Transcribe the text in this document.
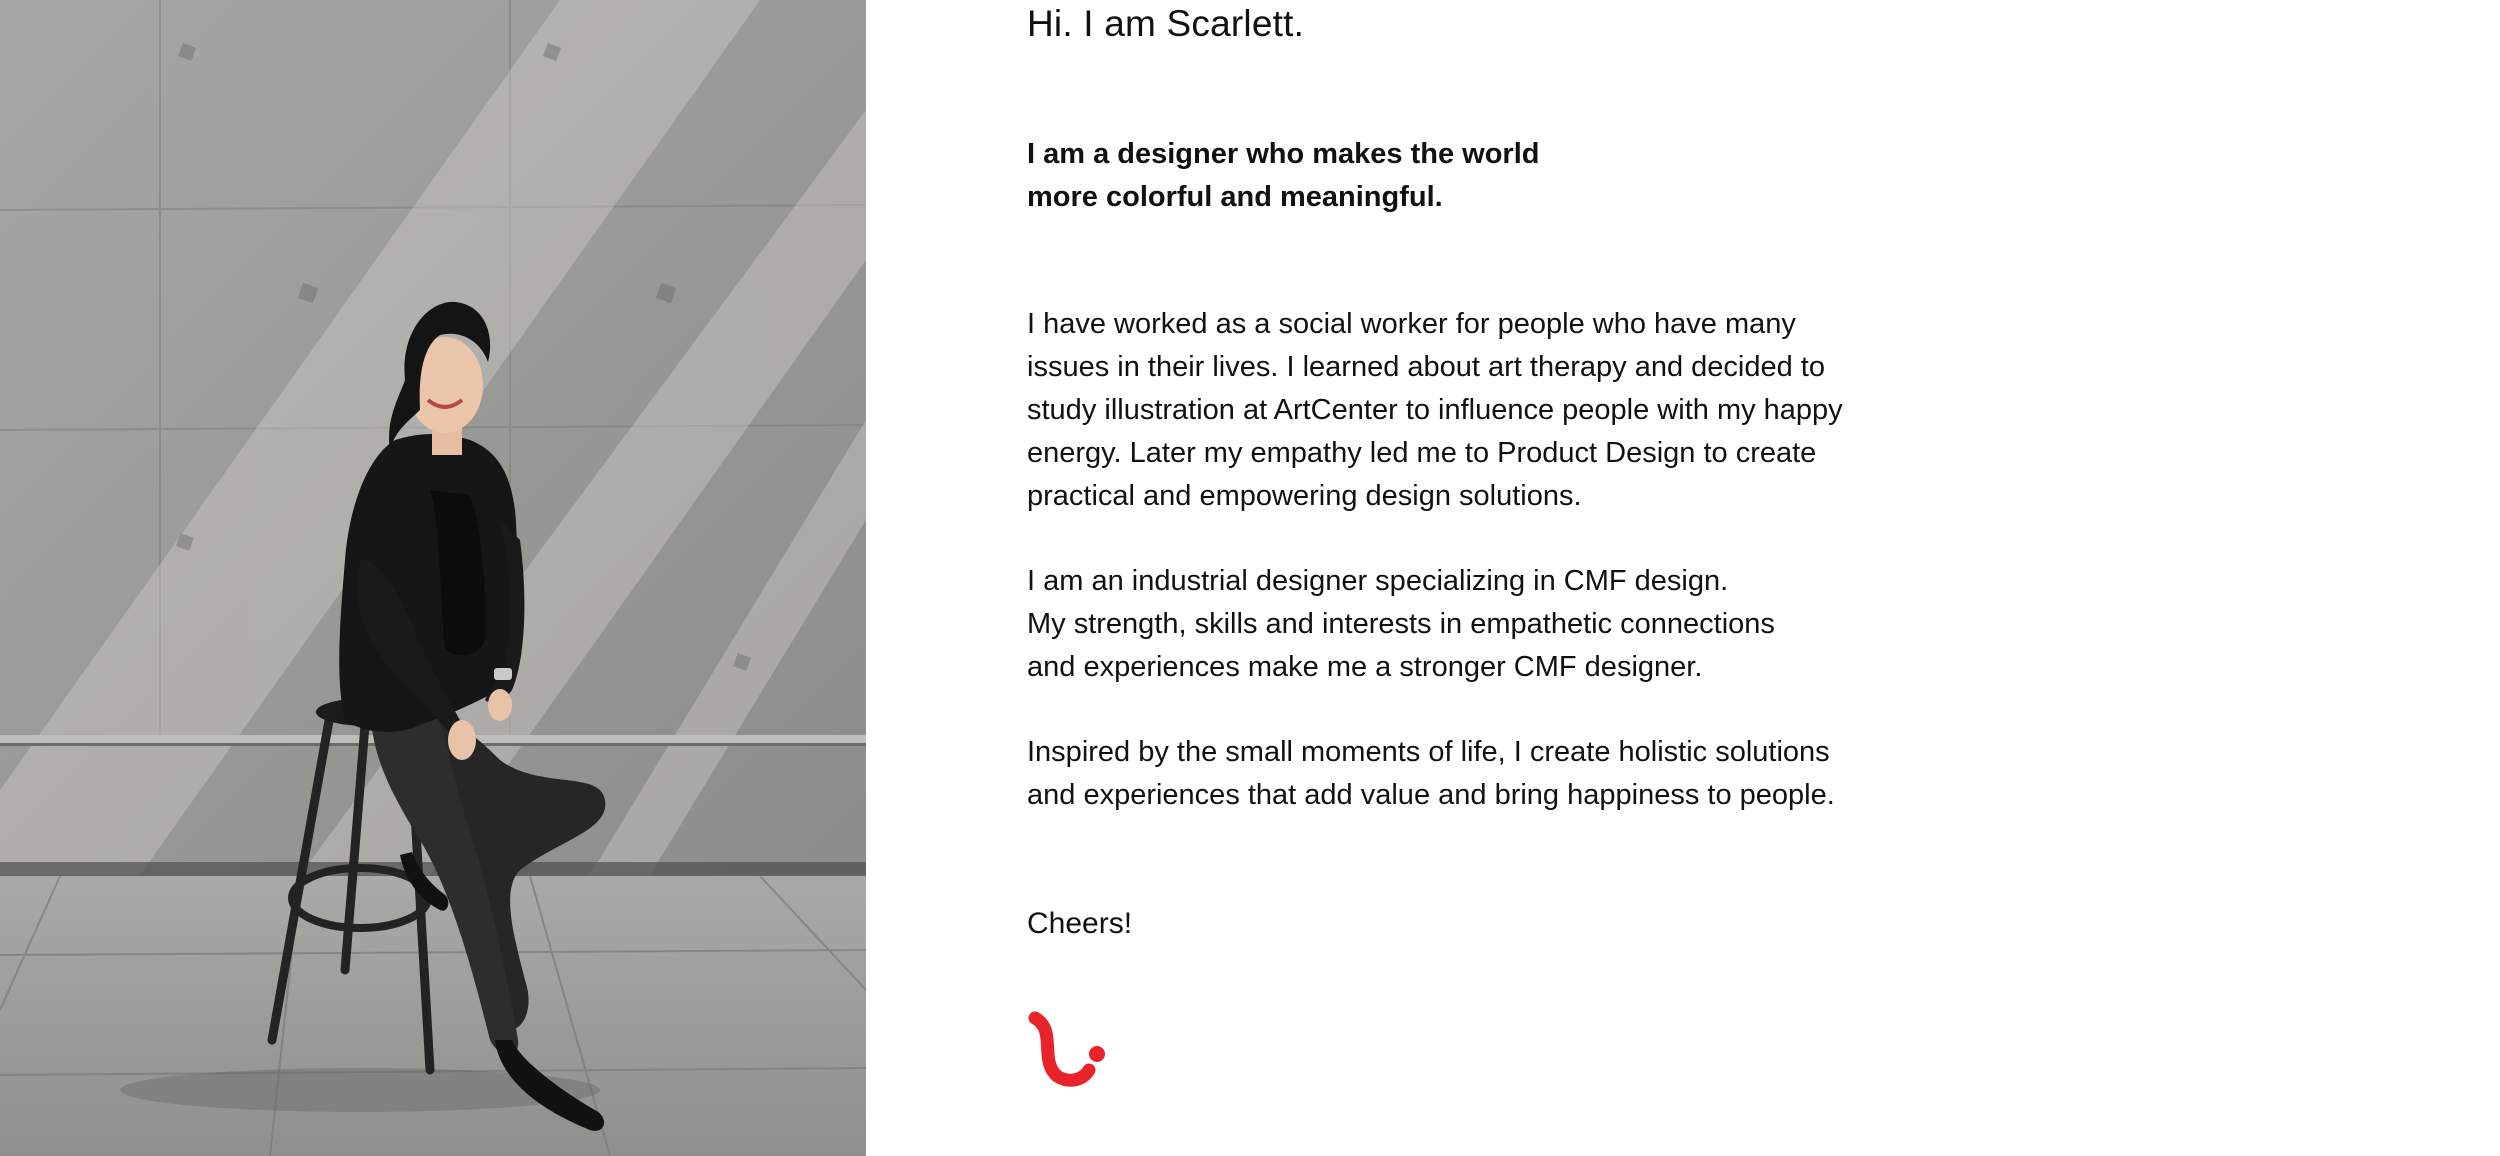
Hi. I am Scarlett.

I am a designer who makes the world
more colorful and meaningful.

I have worked as a social worker for people who have many
issues in their lives. I learned about art therapy and decided to
study illustration at ArtCenter to influence people with my happy
energy. Later my empathy led me to Product Design to create
practical and empowering design solutions.

I am an industrial designer specializing in CMF design.
My strength, skills and interests in empathetic connections
and experiences make me a stronger CMF designer.

Inspired by the small moments of life, I create holistic solutions
and experiences that add value and bring happiness to people.

Cheers!
